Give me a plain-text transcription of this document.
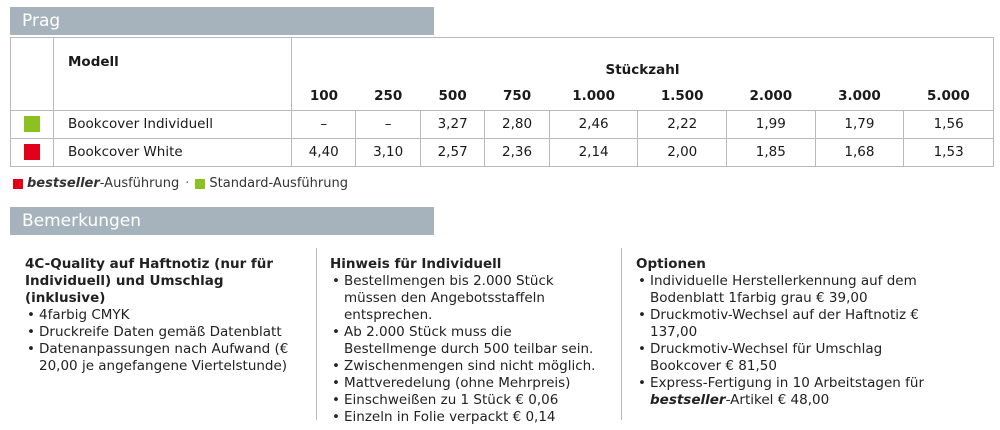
Prag
	Modell	Stückzahl								
		100	250	500	750	1.000	1.500	2.000	3.000	5.000

	Bookcover Individuell	–	–	3,27	2,80	2,46	2,22	1,99	1,79	1,56

	Bookcover White	4,40	3,10	2,57	2,36	2,14	2,00	1,85	1,68	1,53
bestseller -Ausführung · Standard-Ausführung
Bemerkungen
4C-Quality auf Haftnotiz (nur für Individuell) und Umschlag (inklusive)
• 4farbig CMYK
• Druckreife Daten gemäß Datenblatt
• Datenanpassungen nach Aufwand (€ 20,00 je angefangene Viertelstunde)
Hinweis für Individuell
• Bestellmengen bis 2.000 Stück müssen den Angebotsstaffeln entsprechen.
• Ab 2.000 Stück muss die Bestellmenge durch 500 teilbar sein.
• Zwischenmengen sind nicht möglich.
• Mattveredelung (ohne Mehrpreis)
• Einschweißen zu 1 Stück € 0,06
• Einzeln in Folie verpackt € 0,14
Optionen
• Individuelle Herstellerkennung auf dem Bodenblatt 1farbig grau € 39,00
• Druckmotiv-Wechsel auf der Haftnotiz € 137,00
• Druckmotiv-Wechsel für Umschlag Bookcover € 81,50
• Express-Fertigung in 10 Arbeitstagen für bestseller-Artikel € 48,00
